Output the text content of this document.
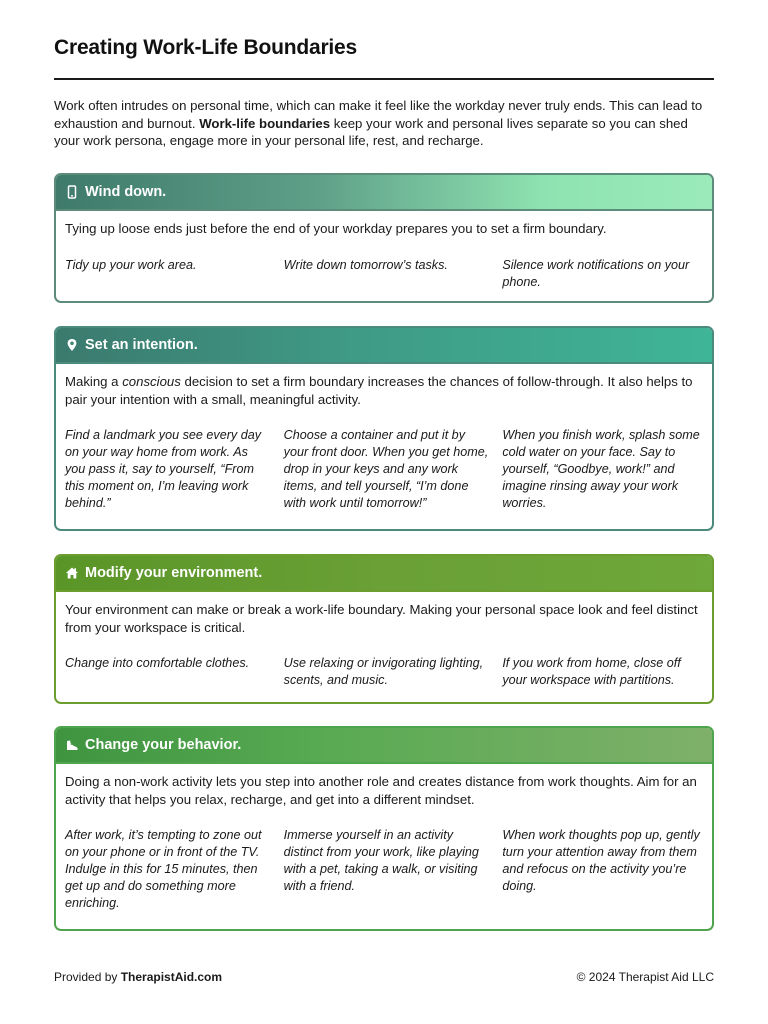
Creating Work-Life Boundaries

Work often intrudes on personal time, which can make it feel like the workday never truly ends. This can lead to exhaustion and burnout. Work-life boundaries keep your work and personal lives separate so you can shed your work persona, engage more in your personal life, rest, and recharge.

Wind down.

Tying up loose ends just before the end of your workday prepares you to set a firm boundary.

Tidy up your work area.	Write down tomorrow’s tasks.	Silence work notifications on your phone.
Set an intention.

Making a conscious decision to set a firm boundary increases the chances of follow-through. It also helps to pair your intention with a small, meaningful activity.

Find a landmark you see every day on your way home from work. As you pass it, say to yourself, “From this moment on, I’m leaving work behind.”
Choose a container and put it by your front door. When you get home, drop in your keys and any work items, and tell yourself, “I’m done with work until tomorrow!”
When you finish work, splash some cold water on your face. Say to yourself, “Goodbye, work!” and imagine rinsing away your work worries.
Modify your environment.

Your environment can make or break a work-life boundary. Making your personal space look and feel distinct from your workspace is critical.

Change into comfortable clothes.	Use relaxing or invigorating lighting, scents, and music.
If you work from home, close off your workspace with partitions.
Change your behavior.

Doing a non-work activity lets you step into another role and creates distance from work thoughts. Aim for an activity that helps you relax, recharge, and get into a different mindset.

After work, it’s tempting to zone out on your phone or in front of the TV. Indulge in this for 15 minutes, then get up and do something more enriching.
Immerse yourself in an activity distinct from your work, like playing with a pet, taking a walk, or visiting with a friend.
When work thoughts pop up, gently turn your attention away from them and refocus on the activity you’re doing.
Provided by TherapistAid.com	© 2024 Therapist Aid LLC
